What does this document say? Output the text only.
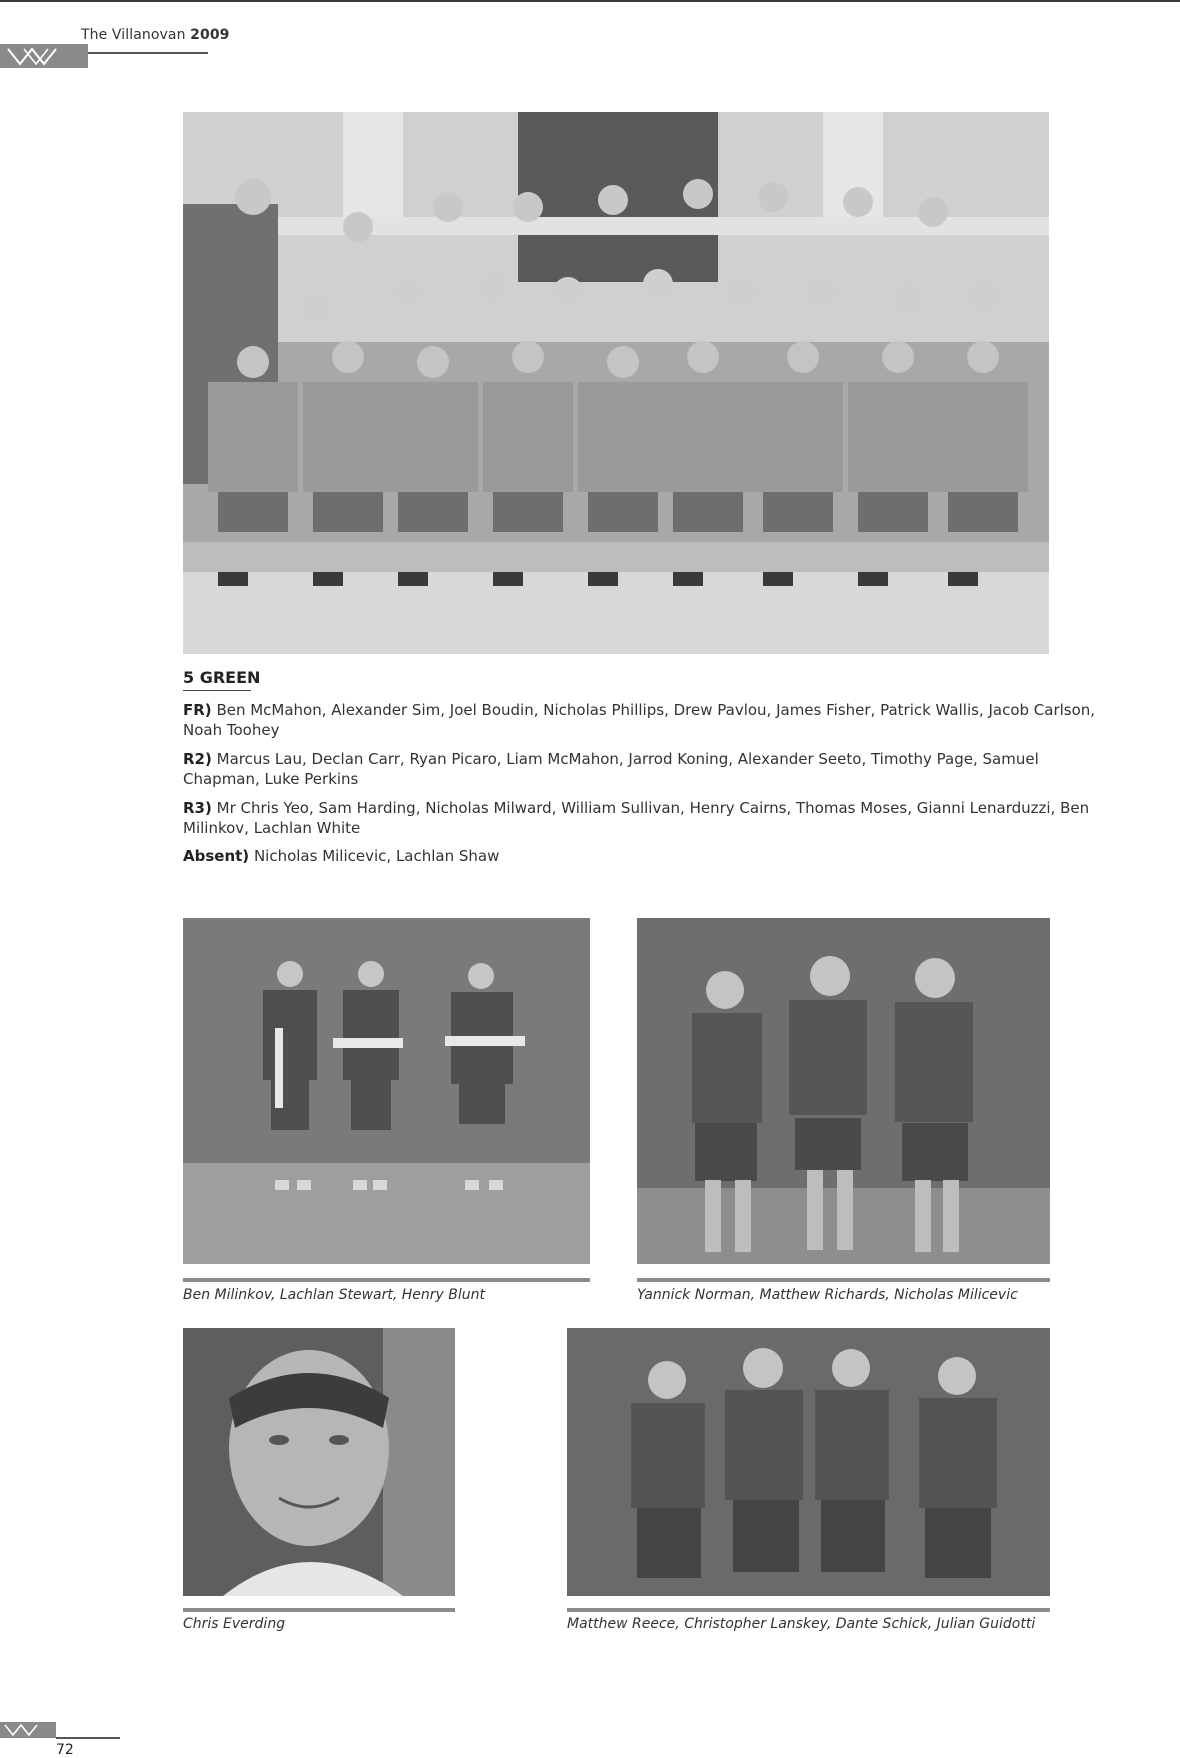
The Villanovan 2009
5 GREEN
FR) Ben McMahon, Alexander Sim, Joel Boudin, Nicholas Phillips, Drew Pavlou, James Fisher, Patrick Wallis, Jacob Carlson, Noah Toohey
R2) Marcus Lau, Declan Carr, Ryan Picaro, Liam McMahon, Jarrod Koning, Alexander Seeto, Timothy Page, Samuel Chapman, Luke Perkins
R3) Mr Chris Yeo, Sam Harding, Nicholas Milward, William Sullivan, Henry Cairns, Thomas Moses, Gianni Lenarduzzi, Ben Milinkov, Lachlan White
Absent) Nicholas Milicevic, Lachlan Shaw
Ben Milinkov, Lachlan Stewart, Henry Blunt	Yannick Norman, Matthew Richards, Nicholas Milicevic
Chris Everding	Matthew Reece, Christopher Lanskey, Dante Schick, Julian Guidotti
72
